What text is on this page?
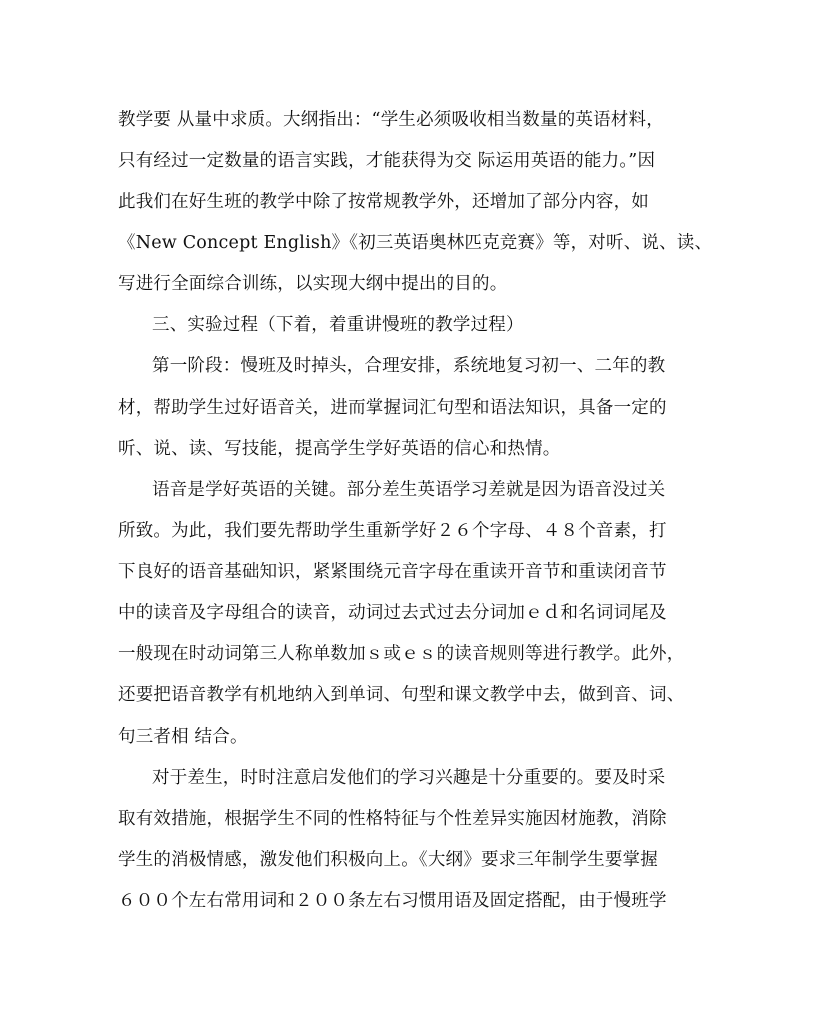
教学要 从量中求质。大纲指出：“学生必须吸收相当数量的英语材料，
只有经过一定数量的语言实践，才能获得为交 际运用英语的能力。”因
此我们在好生班的教学中除了按常规教学外，还增加了部分内容，如
《New Concept English》《初三英语奥林匹克竞赛》等，对听、说、读、
写进行全面综合训练，以实现大纲中提出的目的。
三、实验过程（下着，着重讲慢班的教学过程）
第一阶段：慢班及时掉头，合理安排，系统地复习初一、二年的教
材，帮助学生过好语音关，进而掌握词汇句型和语法知识，具备一定的
听、说、读、写技能，提高学生学好英语的信心和热情。
语音是学好英语的关键。部分差生英语学习差就是因为语音没过关
所致。为此，我们要先帮助学生重新学好２６个字母、４８个音素，打
下良好的语音基础知识，紧紧围绕元音字母在重读开音节和重读闭音节
中的读音及字母组合的读音，动词过去式过去分词加ｅｄ和名词词尾及
一般现在时动词第三人称单数加ｓ或ｅｓ的读音规则等进行教学。此外，
还要把语音教学有机地纳入到单词、句型和课文教学中去，做到音、词、
句三者相 结合。
对于差生，时时注意启发他们的学习兴趣是十分重要的。要及时采
取有效措施，根据学生不同的性格特征与个性差异实施因材施教，消除
学生的消极情感，激发他们积极向上。《大纲》要求三年制学生要掌握
６００个左右常用词和２００条左右习惯用语及固定搭配，由于慢班学
